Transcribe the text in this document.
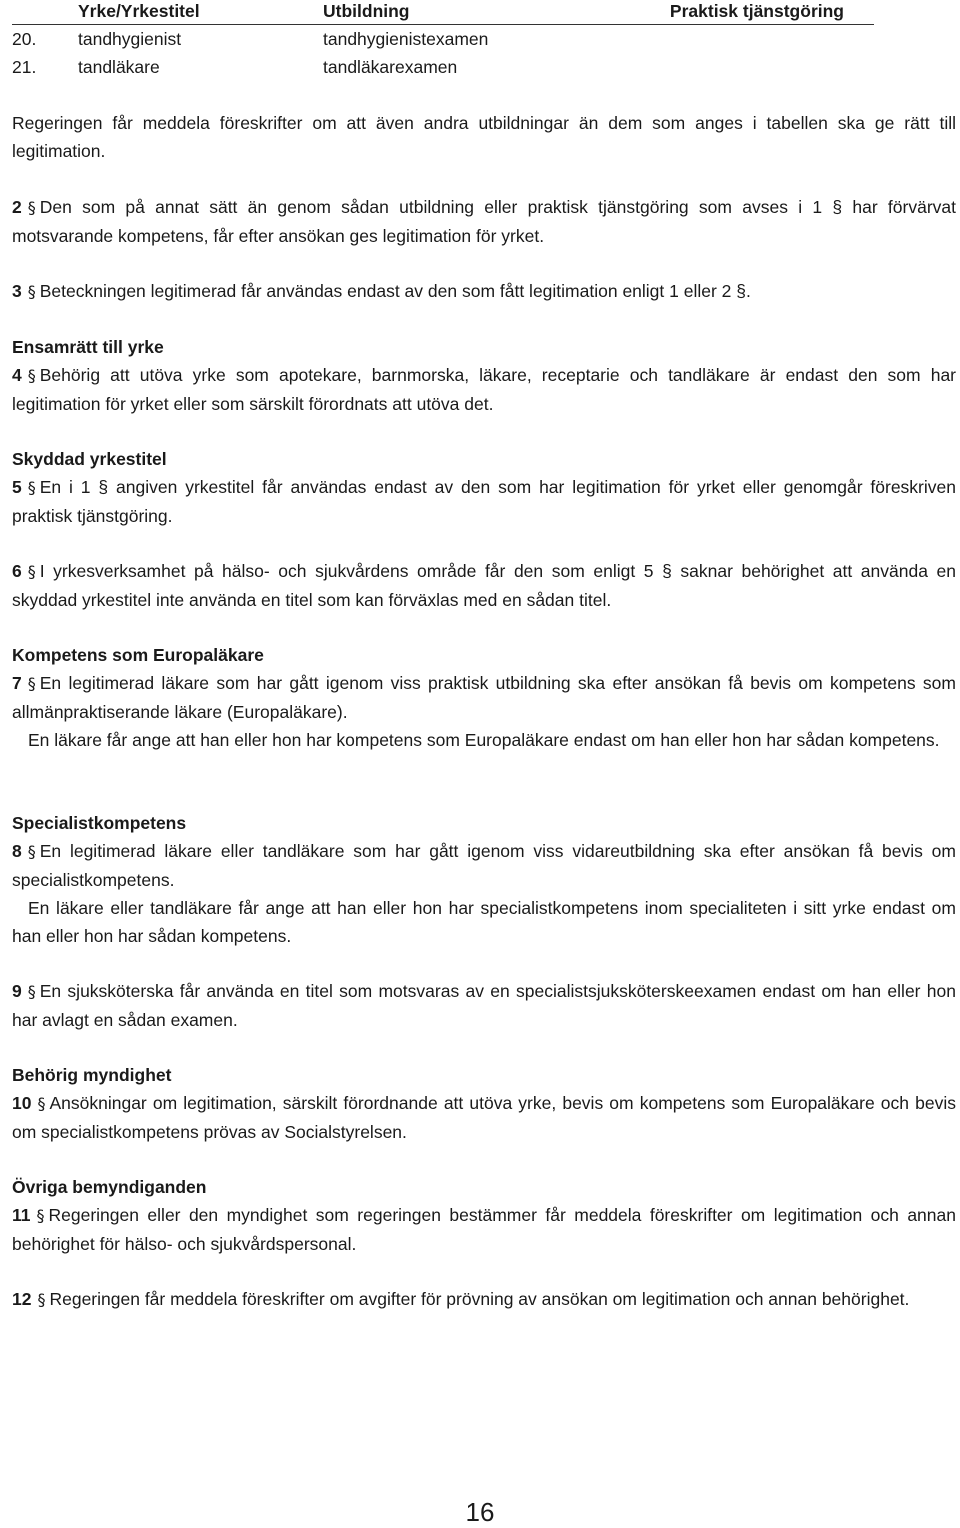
Yrke/Yrkestitel	Utbildning	Praktisk tjänstgöring
20. tandhygienist	tandhygienistexamen
21. tandläkare	tandläkarexamen

Regeringen får meddela föreskrifter om att även andra utbildningar än dem som anges i tabellen ska ge rätt till legitimation.

2 § Den som på annat sätt än genom sådan utbildning eller praktisk tjänstgöring som avses i 1 § har förvärvat motsvarande kompetens, får efter ansökan ges legitimation för yrket.

3 § Beteckningen legitimerad får användas endast av den som fått legitimation enligt 1 eller 2 §.

Ensamrätt till yrke

4 § Behörig att utöva yrke som apotekare, barnmorska, läkare, receptarie och tandläkare är endast den som har legitimation för yrket eller som särskilt förordnats att utöva det.

Skyddad yrkestitel

5 § En i 1 § angiven yrkestitel får användas endast av den som har legitimation för yrket eller genomgår föreskriven praktisk tjänstgöring.

6 § I yrkesverksamhet på hälso- och sjukvårdens område får den som enligt 5 § saknar behörighet att använda en skyddad yrkestitel inte använda en titel som kan förväxlas med en sådan titel.

Kompetens som Europaläkare

7 § En legitimerad läkare som har gått igenom viss praktisk utbildning ska efter ansökan få bevis om kompetens som allmänpraktiserande läkare (Europaläkare).

En läkare får ange att han eller hon har kompetens som Europaläkare endast om han eller hon har sådan kompetens.

Specialistkompetens

8 § En legitimerad läkare eller tandläkare som har gått igenom viss vidareutbildning ska efter ansökan få bevis om specialistkompetens.

En läkare eller tandläkare får ange att han eller hon har specialistkompetens inom specialiteten i sitt yrke endast om han eller hon har sådan kompetens.

9 § En sjuksköterska får använda en titel som motsvaras av en specialistsjuksköterskeexamen endast om han eller hon har avlagt en sådan examen.

Behörig myndighet

10 § Ansökningar om legitimation, särskilt förordnande att utöva yrke, bevis om kompetens som Europaläkare och bevis om specialistkompetens prövas av Socialstyrelsen.

Övriga bemyndiganden

11 § Regeringen eller den myndighet som regeringen bestämmer får meddela föreskrifter om legitimation och annan behörighet för hälso- och sjukvårdspersonal.

12 § Regeringen får meddela föreskrifter om avgifter för prövning av ansökan om legitimation och annan behörighet.

16
